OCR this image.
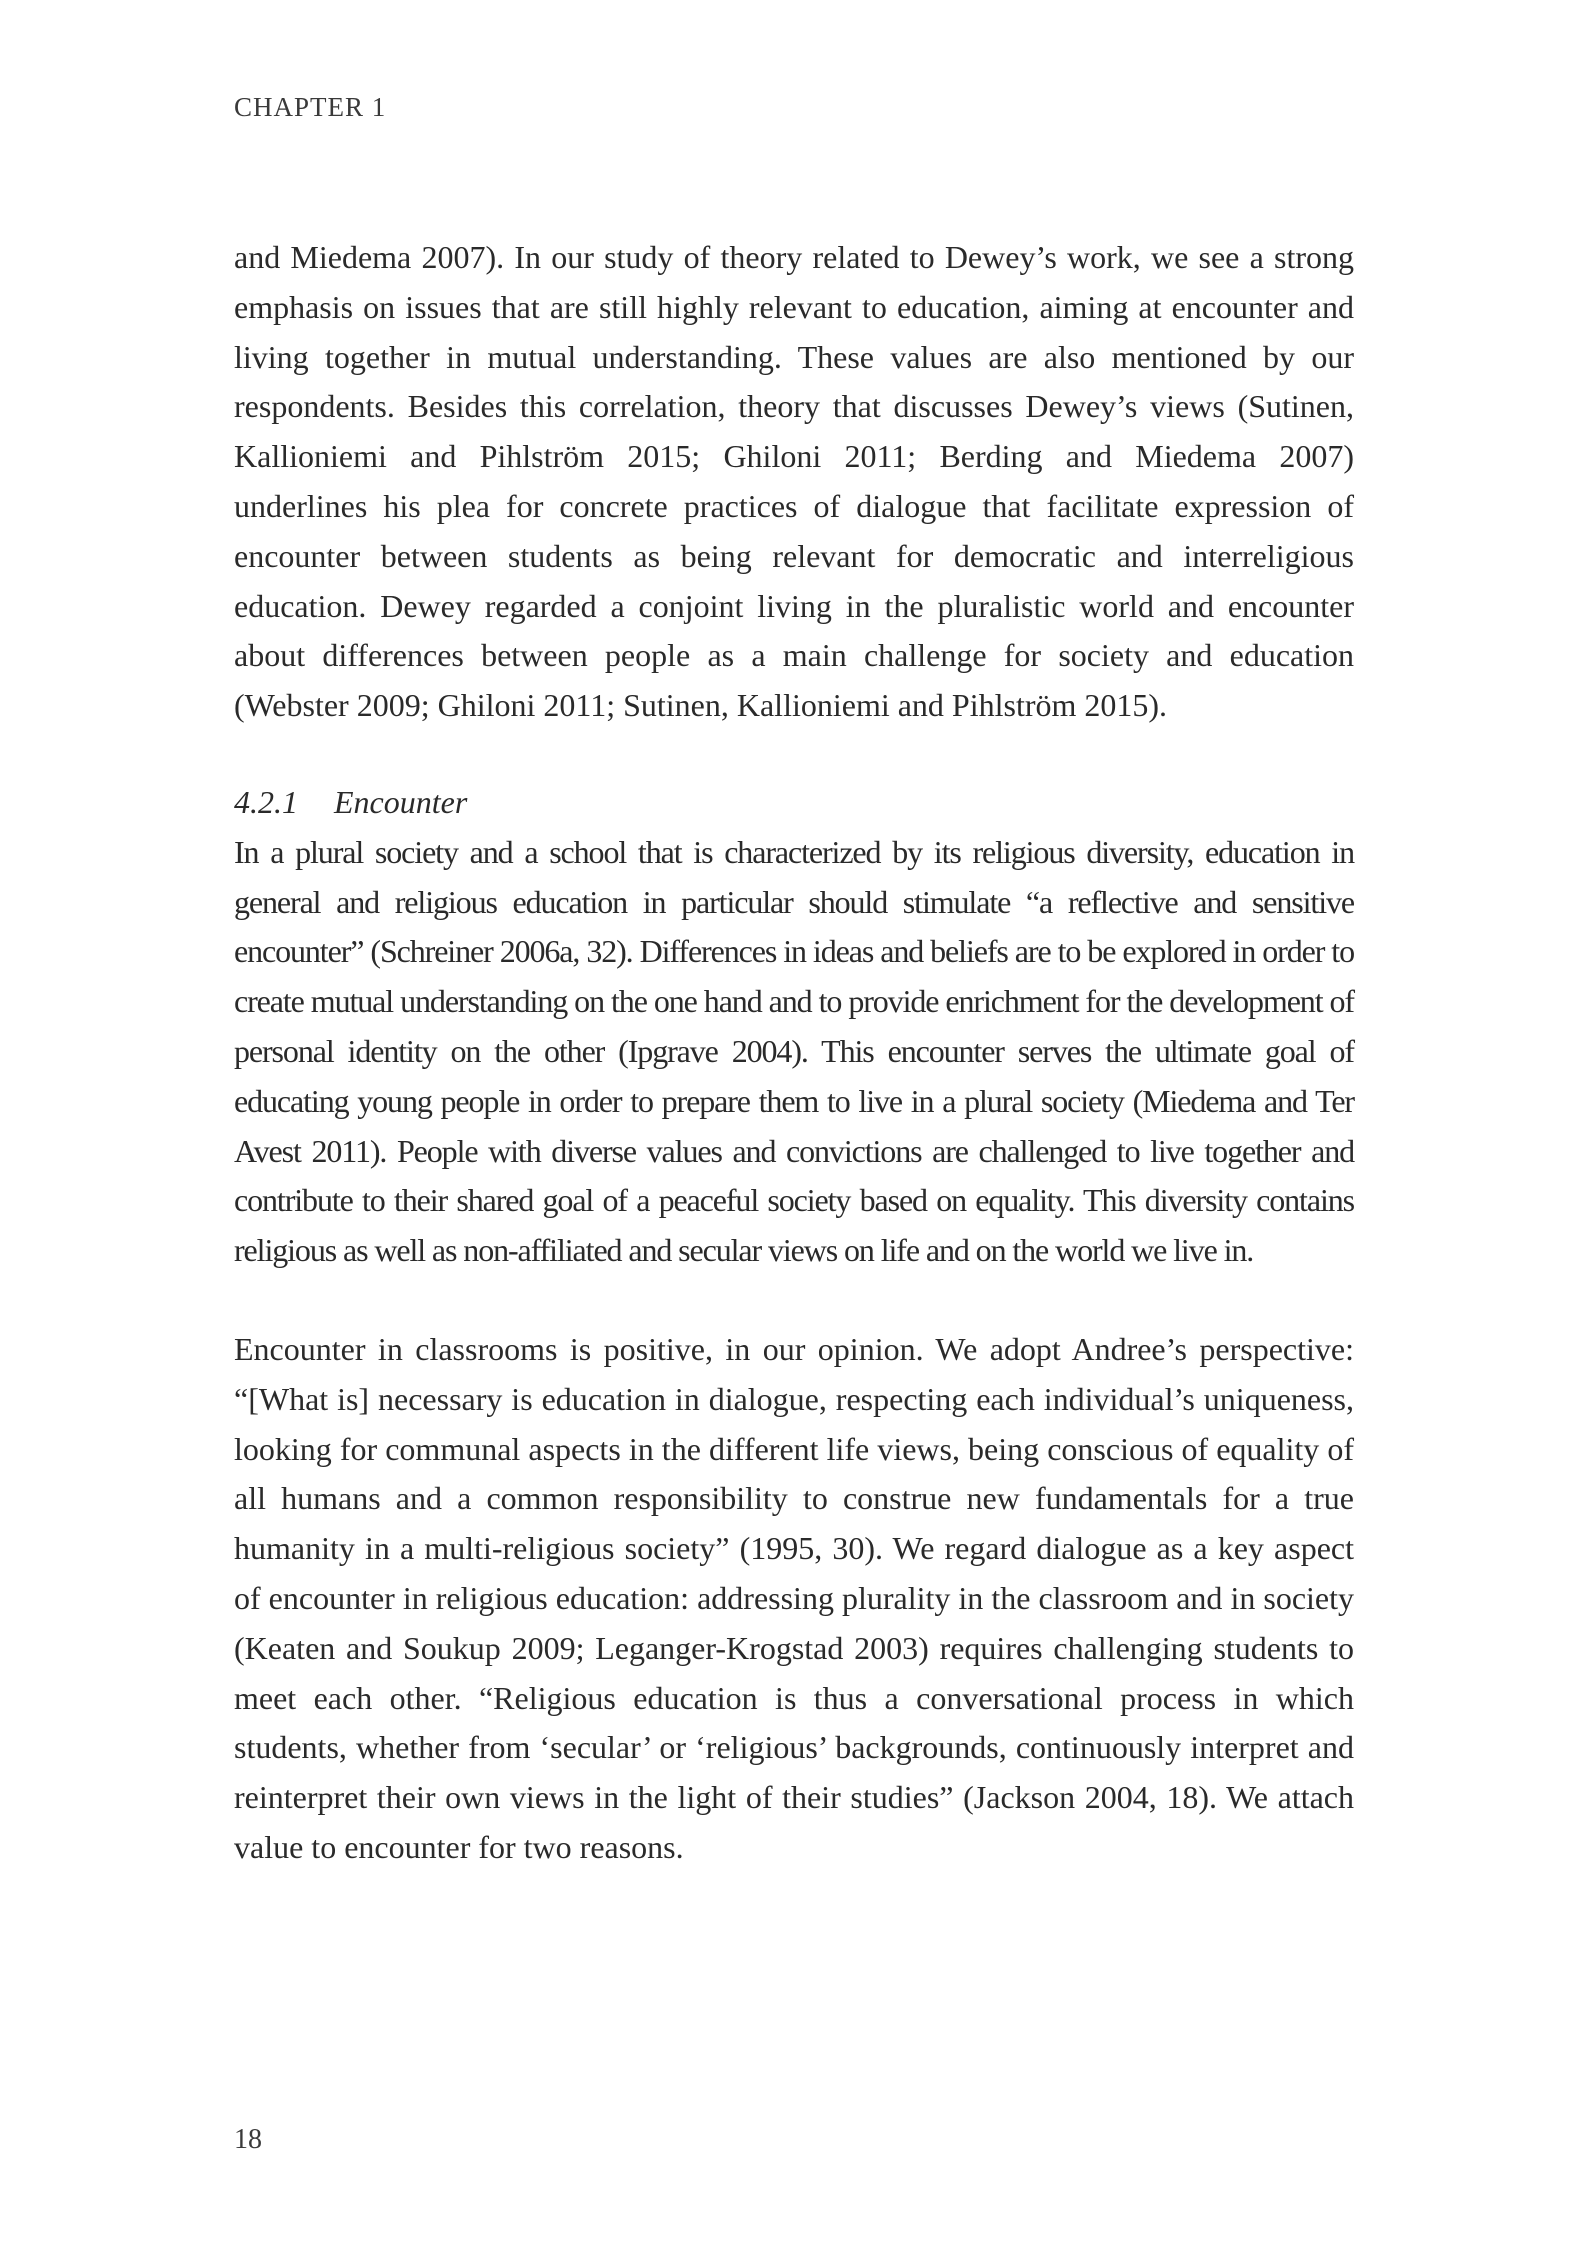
CHAPTER 1

and Miedema 2007). In our study of theory related to Dewey’s work, we see a strong emphasis on issues that are still highly relevant to education, aiming at encounter and living together in mutual understanding. These values are also mentioned by our respondents. Besides this correlation, theory that discusses Dewey’s views (Sutinen, Kallioniemi and Pihlström 2015; Ghiloni 2011; Berding and Miedema 2007) underlines his plea for concrete practices of dialogue that facilitate expression of encounter between students as being relevant for democratic and interreligious education. Dewey regarded a conjoint living in the pluralistic world and encounter about differences between people as a main challenge for society and education (Webster 2009; Ghiloni 2011; Sutinen, Kallioniemi and Pihlström 2015).

4.2.1 Encounter

In a plural society and a school that is characterized by its religious diversity, education in general and religious education in particular should stimulate “a reflective and sensitive encounter” (Schreiner 2006a, 32). Differences in ideas and beliefs are to be explored in order to create mutual understanding on the one hand and to provide enrichment for the development of personal identity on the other (Ipgrave 2004). This encounter serves the ultimate goal of educating young people in order to prepare them to live in a plural society (Miedema and Ter Avest 2011). People with diverse values and convictions are challenged to live together and contribute to their shared goal of a peaceful society based on equality. This diversity contains religious as well as non-affiliated and secular views on life and on the world we live in.

Encounter in classrooms is positive, in our opinion. We adopt Andree’s perspective: “[What is] necessary is education in dialogue, respecting each individual’s uniqueness, looking for communal aspects in the different life views, being conscious of equality of all humans and a common responsibility to construe new fundamentals for a true humanity in a multi-religious society” (1995, 30). We regard dialogue as a key aspect of encounter in religious education: addressing plurality in the classroom and in society (Keaten and Soukup 2009; Leganger-Krogstad 2003) requires challenging students to meet each other. “Religious education is thus a conversational process in which students, whether from ‘secular’ or ‘religious’ backgrounds, continuously interpret and reinterpret their own views in the light of their studies” (Jackson 2004, 18). We attach value to encounter for two reasons.

18
